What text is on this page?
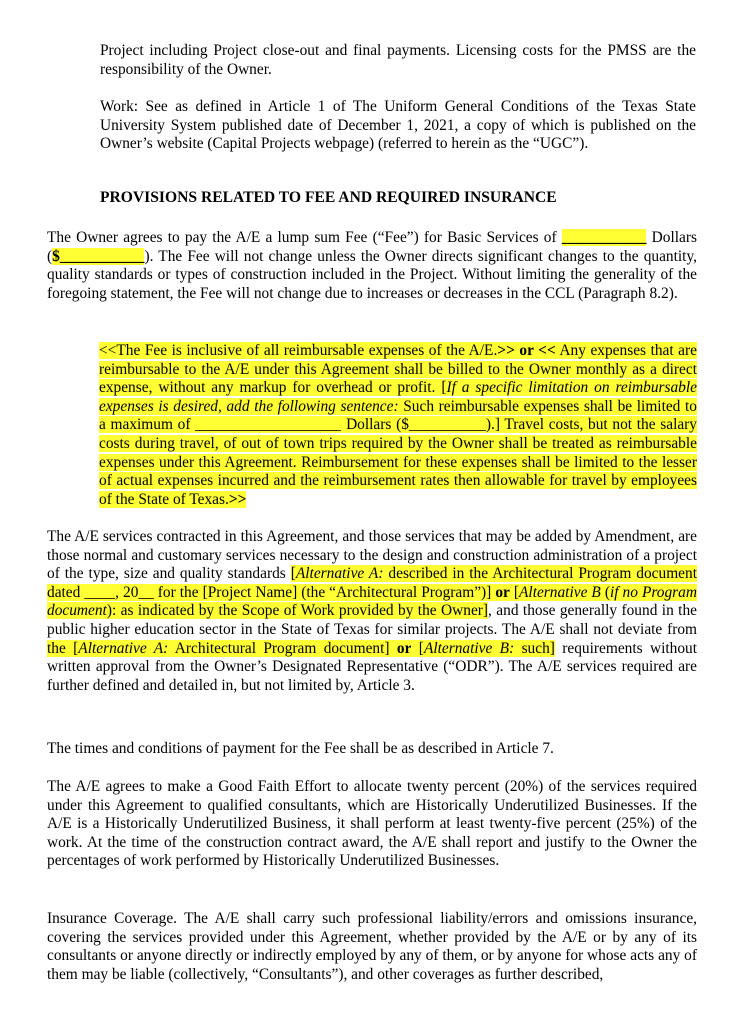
Project including Project close-out and final payments. Licensing costs for the PMSS are the responsibility of the Owner.

Work: See as defined in Article 1 of The Uniform General Conditions of the Texas State University System published date of December 1, 2021, a copy of which is published on the Owner’s website (Capital Projects webpage) (referred to herein as the “UGC”).

PROVISIONS RELATED TO FEE AND REQUIRED INSURANCE

The Owner agrees to pay the A/E a lump sum Fee (“Fee”) for Basic Services of ___________ Dollars ($___________). The Fee will not change unless the Owner directs significant changes to the quantity, quality standards or types of construction included in the Project. Without limiting the generality of the foregoing statement, the Fee will not change due to increases or decreases in the CCL (Paragraph 8.2).

<<The Fee is inclusive of all reimbursable expenses of the A/E.>> or << Any expenses that are reimbursable to the A/E under this Agreement shall be billed to the Owner monthly as a direct expense, without any markup for overhead or profit. [If a specific limitation on reimbursable expenses is desired, add the following sentence: Such reimbursable expenses shall be limited to a maximum of ___________________ Dollars ($__________).] Travel costs, but not the salary costs during travel, of out of town trips required by the Owner shall be treated as reimbursable expenses under this Agreement. Reimbursement for these expenses shall be limited to the lesser of actual expenses incurred and the reimbursement rates then allowable for travel by employees of the State of Texas.>>

The A/E services contracted in this Agreement, and those services that may be added by Amendment, are those normal and customary services necessary to the design and construction administration of a project of the type, size and quality standards [Alternative A: described in the Architectural Program document dated ____, 20__ for the [Project Name] (the “Architectural Program”)] or [Alternative B (if no Program document): as indicated by the Scope of Work provided by the Owner], and those generally found in the public higher education sector in the State of Texas for similar projects. The A/E shall not deviate from the [Alternative A: Architectural Program document] or [Alternative B: such] requirements without written approval from the Owner’s Designated Representative (“ODR”). The A/E services required are further defined and detailed in, but not limited by, Article 3.

The times and conditions of payment for the Fee shall be as described in Article 7.

The A/E agrees to make a Good Faith Effort to allocate twenty percent (20%) of the services required under this Agreement to qualified consultants, which are Historically Underutilized Businesses. If the A/E is a Historically Underutilized Business, it shall perform at least twenty-five percent (25%) of the work. At the time of the construction contract award, the A/E shall report and justify to the Owner the percentages of work performed by Historically Underutilized Businesses.

Insurance Coverage. The A/E shall carry such professional liability/errors and omissions insurance, covering the services provided under this Agreement, whether provided by the A/E or by any of its consultants or anyone directly or indirectly employed by any of them, or by anyone for whose acts any of them may be liable (collectively, “Consultants”), and other coverages as further described,
